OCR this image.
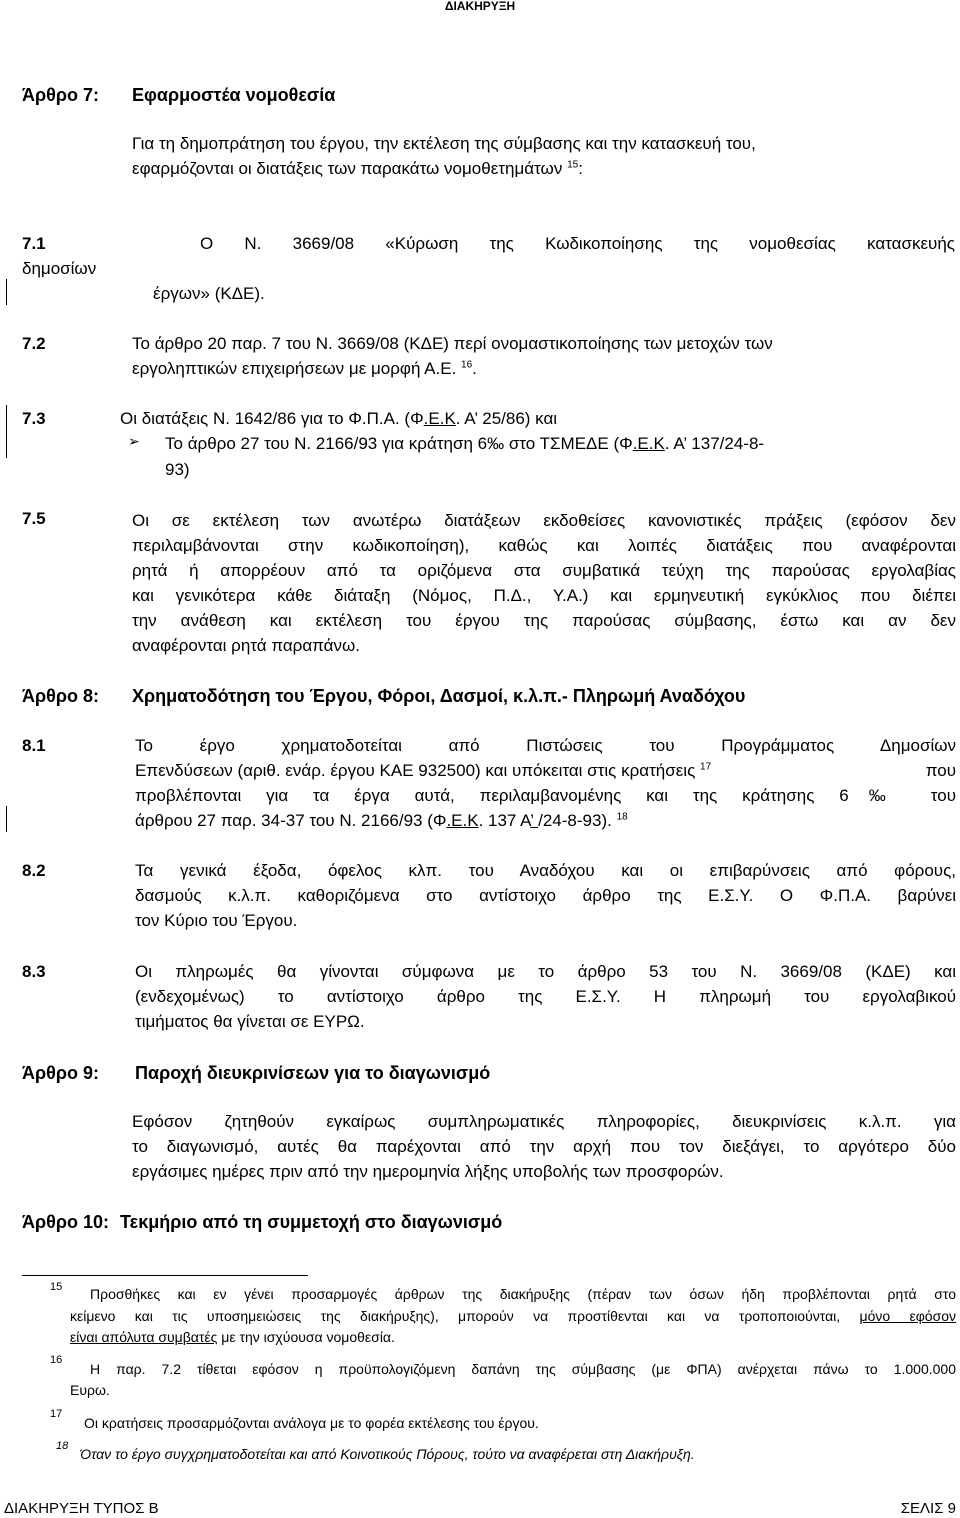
ΔΙΑΚΗΡΥΞΗ
Άρθρο 7: Εφαρμοστέα νομοθεσία
Για τη δημοπράτηση του έργου, την εκτέλεση της σύμβασης και την κατασκευή του,
εφαρμόζονται οι διατάξεις των παρακάτω νομοθετημάτων $^{15}$:
7.1	Ο Ν. 3669/08 «Κύρωση της Κωδικοποίησης της νομοθεσίας κατασκευής
δημοσίων
έργων» (ΚΔΕ).
7.2	Το άρθρο 20 παρ. 7 του Ν. 3669/08 (ΚΔΕ) περί ονομαστικοποίησης των μετοχών των
εργοληπτικών επιχειρήσεων με μορφή Α.Ε. $^{16}$.
7.3	Οι διατάξεις Ν. 1642/86 για το Φ.Π.Α. (Φ.Ε.Κ. Α’ 25/86) και
➢ Το άρθρο 27 του Ν. 2166/93 για κράτηση 6‰ στο ΤΣΜΕΔΕ (Φ.Ε.Κ. Α’ 137/24-8-
93)
7.5	Οι σε εκτέλεση των ανωτέρω διατάξεων εκδοθείσες κανονιστικές πράξεις (εφόσον δεν
περιλαμβάνονται στην κωδικοποίηση), καθώς και λοιπές διατάξεις που αναφέρονται
ρητά ή απορρέουν από τα οριζόμενα στα συμβατικά τεύχη της παρούσας εργολαβίας
και γενικότερα κάθε διάταξη (Νόμος, Π.Δ., Υ.Α.) και ερμηνευτική εγκύκλιος που διέπει
την ανάθεση και εκτέλεση του έργου της παρούσας σύμβασης, έστω και αν δεν
αναφέρονται ρητά παραπάνω.
Άρθρο 8: Χρηματοδότηση του Έργου, Φόροι, Δασμοί, κ.λ.π.- Πληρωμή Αναδόχου
8.1	Το έργο χρηματοδοτείται από Πιστώσεις του Προγράμματος Δημοσίων
Επενδύσεων (αριθ. ενάρ. έργου ΚΑΕ 932500) και υπόκειται στις κρατήσεις $^{17}$	που
προβλέπονται για τα έργα αυτά, περιλαμβανομένης και της κράτησης 6‰ του
άρθρου 27 παρ. 34-37 του Ν. 2166/93 (Φ.Ε.Κ. 137 Α’ /24-8-93). $^{18}$
8.2	Τα γενικά έξοδα, όφελος κλπ. του Αναδόχου και οι επιβαρύνσεις από φόρους,
δασμούς κ.λ.π. καθοριζόμενα στο αντίστοιχο άρθρο της Ε.Σ.Υ. Ο Φ.Π.Α. βαρύνει
τον Κύριο του Έργου.
8.3	Οι πληρωμές θα γίνονται σύμφωνα με το άρθρο 53 του Ν. 3669/08 (ΚΔΕ) και
(ενδεχομένως) το αντίστοιχο άρθρο της Ε.Σ.Υ. Η πληρωμή του εργολαβικού
τιμήματος θα γίνεται σε ΕΥΡΩ.
Άρθρο 9: Παροχή διευκρινίσεων για το διαγωνισμό
Εφόσον ζητηθούν εγκαίρως συμπληρωματικές πληροφορίες, διευκρινίσεις κ.λ.π. για
το διαγωνισμό, αυτές θα παρέχονται από την αρχή που τον διεξάγει, το αργότερο δύο
εργάσιμες ημέρες πριν από την ημερομηνία λήξης υποβολής των προσφορών.
Άρθρο 10: Τεκμήριο από τη συμμετοχή στο διαγωνισμό
15 Προσθήκες και εν γένει προσαρμογές άρθρων της διακήρυξης (πέραν των όσων ήδη προβλέπονται ρητά στο
κείμενο και τις υποσημειώσεις της διακήρυξης), μπορούν να προστίθενται και να τροποποιούνται, μόνο εφόσον
είναι απόλυτα συμβατές με την ισχύουσα νομοθεσία.
16
Η παρ. 7.2 τίθεται εφόσον η προϋπολογιζόμενη δαπάνη της σύμβασης (με ΦΠΑ) ανέρχεται πάνω το 1.000.000
Ευρω.
17
Οι κρατήσεις προσαρμόζονται ανάλογα με το φορέα εκτέλεσης του έργου.
18 Όταν το έργο συγχρηματοδοτείται και από Κοινοτικούς Πόρους, τούτο να αναφέρεται στη Διακήρυξη.
ΔΙΑΚΗΡΥΞΗ ΤΥΠΟΣ Β	ΣΕΛΙΣ 9
